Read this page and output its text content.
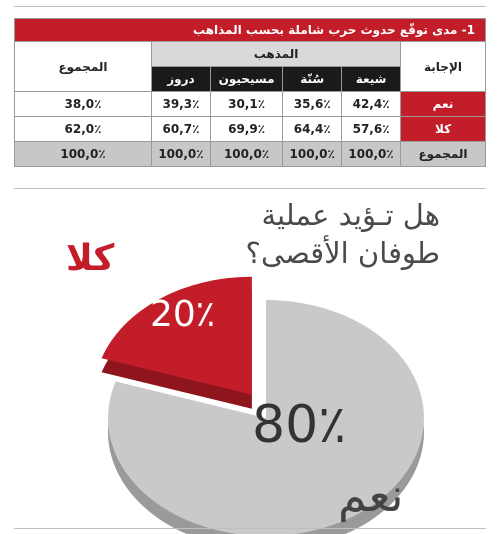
1- مدى توقّع حدوث حرب شاملة بحسب المذاهب					
الإجابة	المذهب				المجموع
	شيعة	سُنّة	مسيحيون	دروز	
نعم	42,4٪	35,6٪	30,1٪	39,3٪	38,0٪
كلا	57,6٪	64,4٪	69,9٪	60,7٪	62,0٪
المجموع	100,0٪	100,0٪	100,0٪	100,0٪	100,0٪
هل تـؤيد عملية
طوفان الأقصى؟
كلا
نعم
20٪
80٪
